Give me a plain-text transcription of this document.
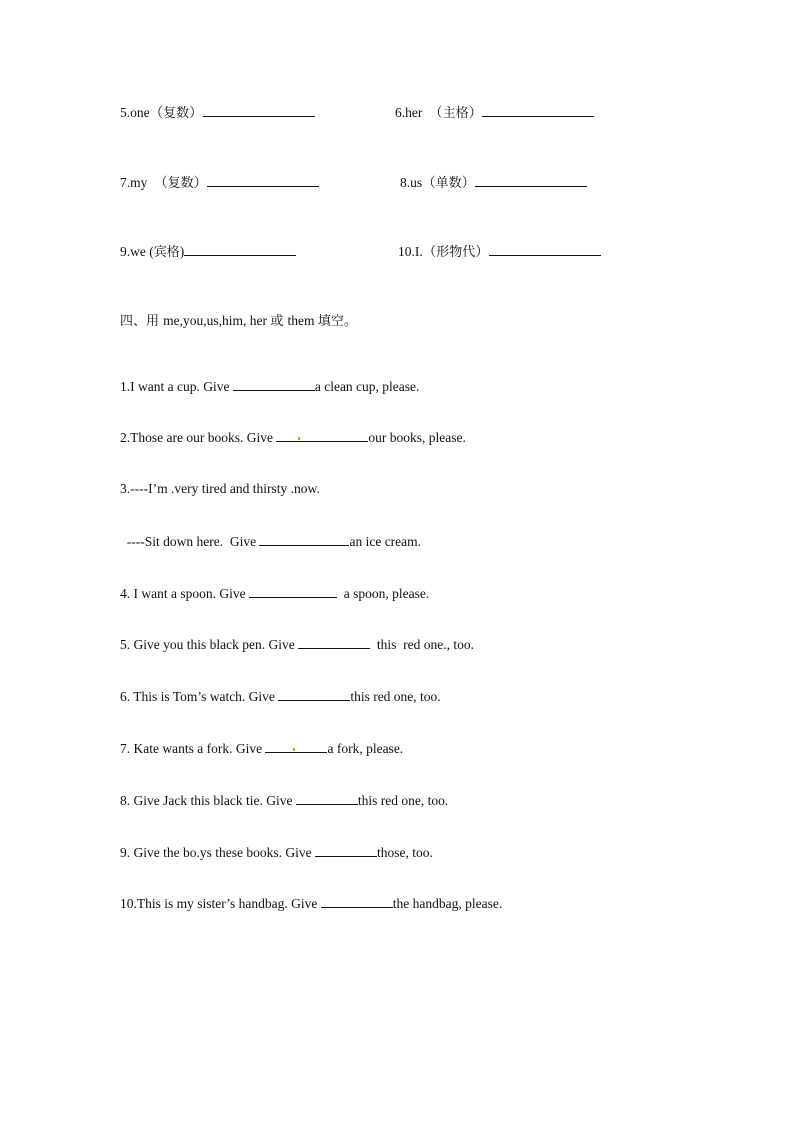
5.one（复数）	6.her　（主格）
7.my　（复数）	8.us（单数）
9.we (宾格)	10.I.（形物代）
四、用 me,you,us,him, her 或 them 填空。
1.I want a cup. Give	a clean cup, please.
2.Those are our books. Give	our books, please.
3.----I’m .very tired and thirsty .now.
----Sit down here.  Give	an ice cream.
4. I want a spoon. Give	a spoon, please.
5. Give you this black pen. Give	this  red one., too.
6. This is Tom’s watch. Give	this red one, too.
7. Kate wants a fork. Give	a fork, please.
8. Give Jack this black tie. Give	this red one, too.
9. Give the bo.ys these books. Give	those, too.
10.This is my sister’s handbag. Give	the handbag, please.
